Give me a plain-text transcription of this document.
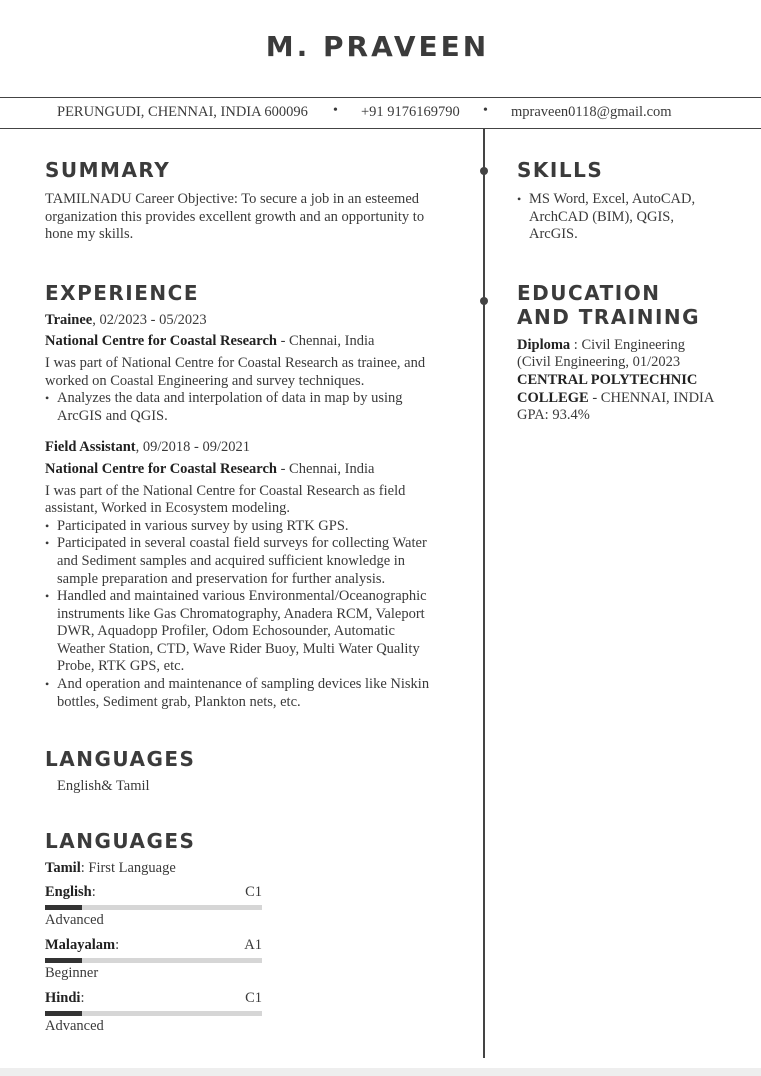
M. PRAVEEN
PERUNGUDI, CHENNAI, INDIA 600096 • +91 9176169790 • mpraveen0118@gmail.com
SUMMARY
TAMILNADU Career Objective: To secure a job in an esteemed organization this provides excellent growth and an opportunity to hone my skills.
EXPERIENCE
Trainee, 02/2023 - 05/2023
National Centre for Coastal Research - Chennai, India
I was part of National Centre for Coastal Research as trainee, and worked on Coastal Engineering and survey techniques.
• Analyzes the data and interpolation of data in map by using ArcGIS and QGIS.
Field Assistant, 09/2018 - 09/2021
National Centre for Coastal Research - Chennai, India
I was part of the National Centre for Coastal Research as field assistant, Worked in Ecosystem modeling.
• Participated in various survey by using RTK GPS.
• Participated in several coastal field surveys for collecting Water and Sediment samples and acquired sufficient knowledge in sample preparation and preservation for further analysis.
• Handled and maintained various Environmental/Oceanographic instruments like Gas Chromatography, Anadera RCM, Valeport DWR, Aquadopp Profiler, Odom Echosounder, Automatic Weather Station, CTD, Wave Rider Buoy, Multi Water Quality Probe, RTK GPS, etc.
• And operation and maintenance of sampling devices like Niskin bottles, Sediment grab, Plankton nets, etc.
LANGUAGES
English& Tamil
LANGUAGES
Tamil: First Language
English:	C1
Advanced
Malayalam:	A1
Beginner
Hindi:	C1
Advanced
SKILLS
• MS Word, Excel, AutoCAD, ArchCAD (BIM), QGIS, ArcGIS.
EDUCATION
AND TRAINING
Diploma : Civil Engineering (Civil Engineering, 01/2023
CENTRAL POLYTECHNIC COLLEGE - CHENNAI, INDIA
GPA: 93.4%
